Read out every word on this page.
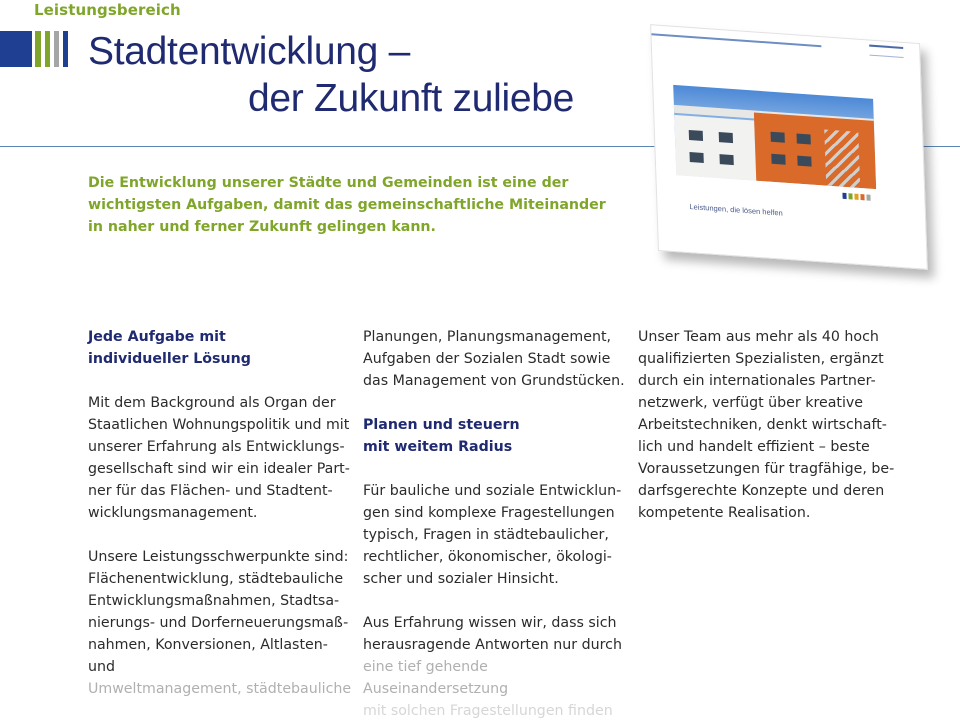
Leistungsbereich
Stadtentwicklung –
der Zukunft zuliebe

Die Entwicklung unserer Städte und Gemeinden ist eine der wichtigsten Aufgaben, damit das gemeinschaftliche Miteinander in naher und ferner Zukunft gelingen kann.

Leistungen, die lösen helfen
Jede Aufgabe mit
individueller Lösung

Mit dem Background als Organ der
Staatlichen Wohnungspolitik und mit
unserer Erfahrung als Entwicklungs-
gesellschaft sind wir ein idealer Part-
ner für das Flächen- und Stadtent-
wicklungsmanagement.

Unsere Leistungsschwerpunkte sind:
Flächenentwicklung, städtebauliche
Entwicklungsmaßnahmen, Stadtsa-
nierungs- und Dorferneuerungsmaß-
nahmen, Konversionen, Altlasten- und
Umweltmanagement, städtebauliche

Planungen, Planungsmanagement,
Aufgaben der Sozialen Stadt sowie
das Management von Grundstücken.

Planen und steuern
mit weitem Radius

Für bauliche und soziale Entwicklun-
gen sind komplexe Fragestellungen
typisch, Fragen in städtebaulicher,
rechtlicher, ökonomischer, ökologi-
scher und sozialer Hinsicht.

Aus Erfahrung wissen wir, dass sich
herausragende Antworten nur durch
eine tief gehende Auseinandersetzung
mit solchen Fragestellungen finden

Unser Team aus mehr als 40 hoch
qualifizierten Spezialisten, ergänzt
durch ein internationales Partner-
netzwerk, verfügt über kreative
Arbeitstechniken, denkt wirtschaft-
lich und handelt effizient – beste
Voraussetzungen für tragfähige, be-
darfsgerechte Konzepte und deren
kompetente Realisation.
